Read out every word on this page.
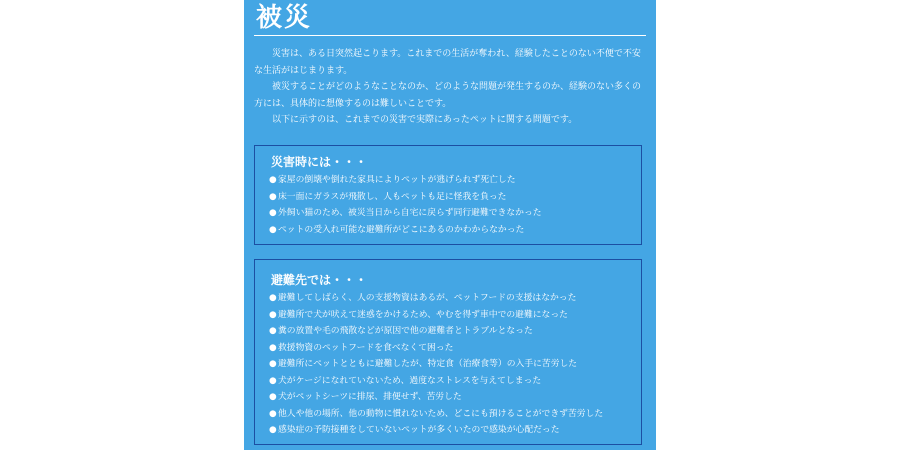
被災

災害は、ある日突然起こります。これまでの生活が奪われ、経験したことのない不便で不安な生活がはじまります。

被災することがどのようなことなのか、どのような問題が発生するのか、経験のない多くの方には、具体的に想像するのは難しいことです。

以下に示すのは、これまでの災害で実際にあったペットに関する問題です。

災害時には・・・
●家屋の倒壊や倒れた家具によりペットが逃げられず死亡した
●床一面にガラスが飛散し、人もペットも足に怪我を負った
●外飼い猫のため、被災当日から自宅に戻らず同行避難できなかった
●ペットの受入れ可能な避難所がどこにあるのかわからなかった
避難先では・・・
●避難してしばらく、人の支援物資はあるが、ペットフードの支援はなかった
●避難所で犬が吠えて迷惑をかけるため、やむを得ず車中での避難になった
●糞の放置や毛の飛散などが原因で他の避難者とトラブルとなった
●救援物資のペットフードを食べなくて困った
●避難所にペットとともに避難したが、特定食（治療食等）の入手に苦労した
●犬がケージになれていないため、過度なストレスを与えてしまった
●犬がペットシーツに排尿、排便せず、苦労した
●他人や他の場所、他の動物に慣れないため、どこにも預けることができず苦労した
●感染症の予防接種をしていないペットが多くいたので感染が心配だった
